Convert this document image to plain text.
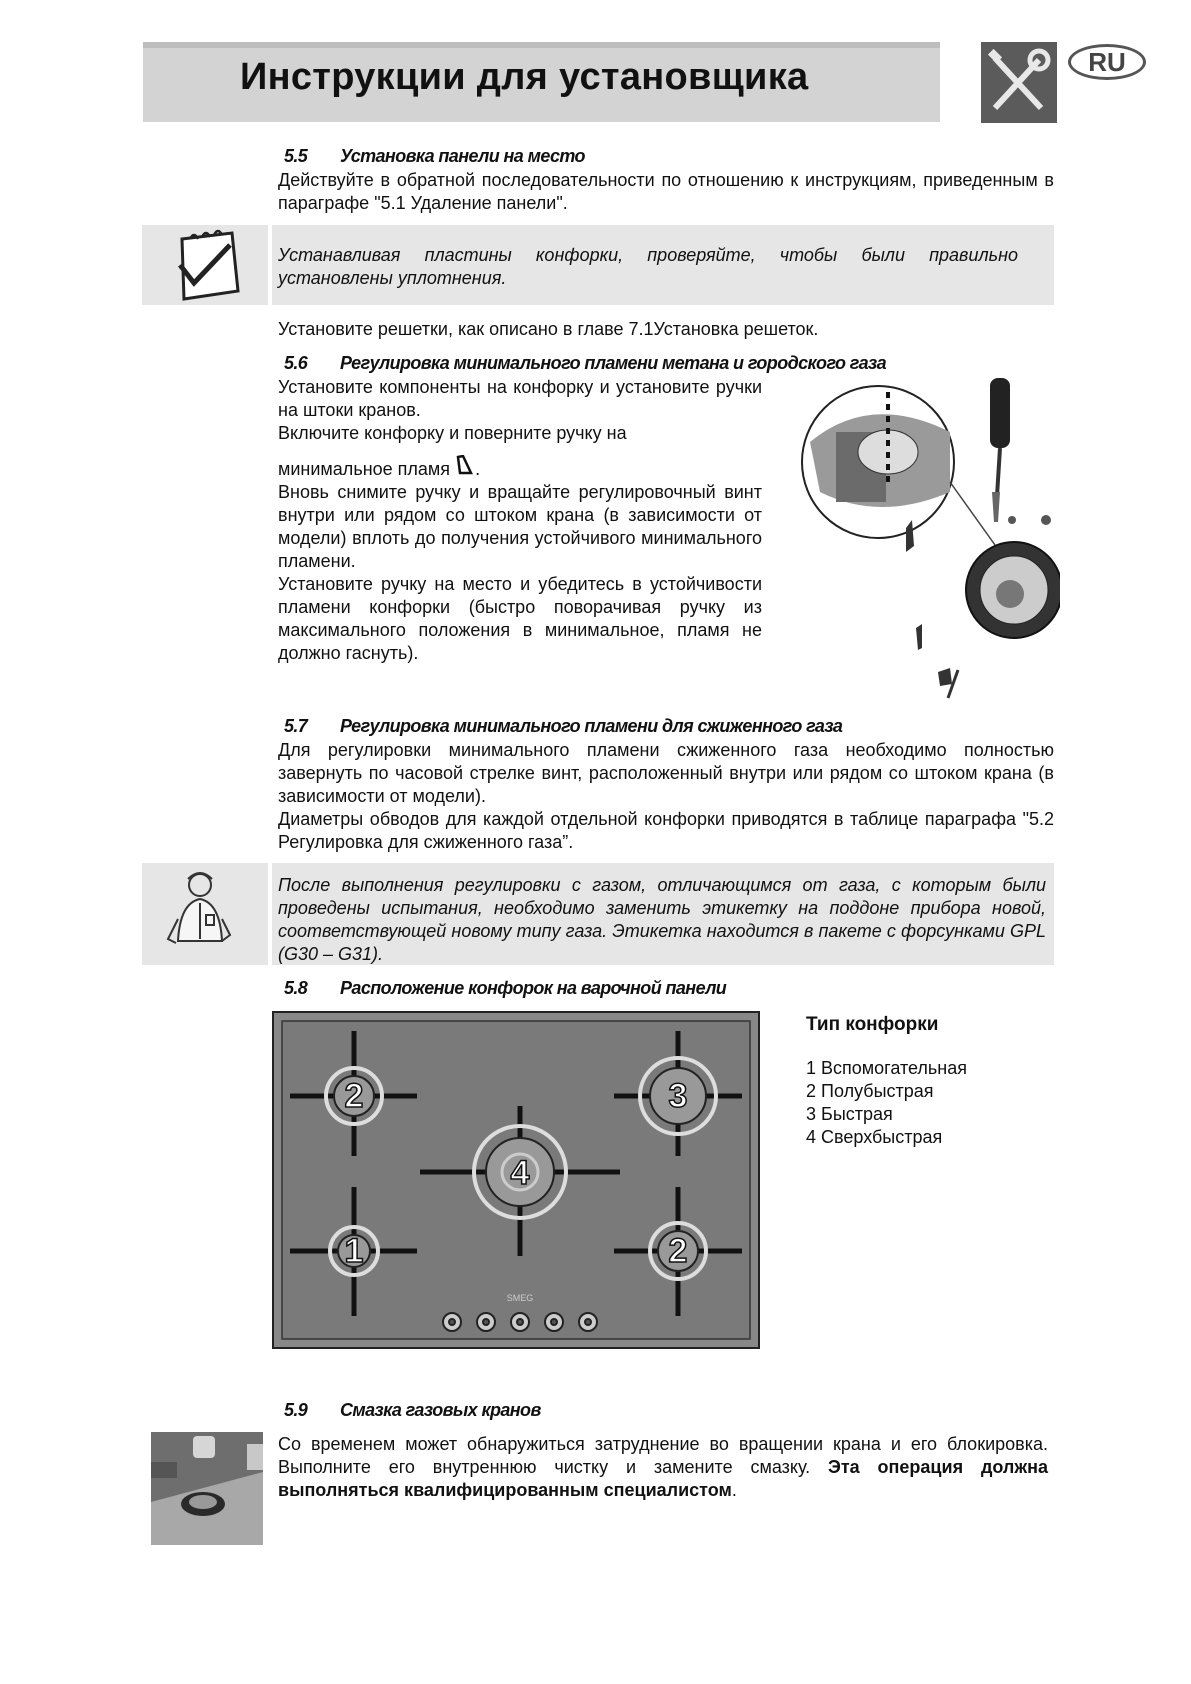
Инструкции для установщика	RU
5.5 Установка панели на место
Действуйте в обратной последовательности по отношению к инструкциям, приведенным в параграфе "5.1 Удаление панели".
Устанавливая пластины конфорки, проверяйте, чтобы были правильно установлены уплотнения.
Установите решетки, как описано в главе 7.1Установка решеток.
5.6 Регулировка минимального пламени метана и городского газа
Установите компоненты на конфорку и установите ручки на штоки кранов.
Включите конфорку и поверните ручку на
минимальное пламя .
Вновь снимите ручку и вращайте регулировочный винт внутри или рядом со штоком крана (в зависимости от модели) вплоть до получения устойчивого минимального пламени.
Установите ручку на место и убедитесь в устойчивости пламени конфорки (быстро поворачивая ручку из максимального положения в минимальное, пламя не должно гаснуть).
5.7 Регулировка минимального пламени для сжиженного газа
Для регулировки минимального пламени сжиженного газа необходимо полностью завернуть по часовой стрелке винт, расположенный внутри или рядом со штоком крана (в зависимости от модели).
Диаметры обводов для каждой отдельной конфорки приводятся в таблице параграфа "5.2 Регулировка для сжиженного газа”.
После выполнения регулировки с газом, отличающимся от газа, с которым были проведены испытания, необходимо заменить этикетку на поддоне прибора новой, соответствующей новому типу газа. Этикетка находится в пакете с форсунками GPL (G30 – G31).
5.8 Расположение конфорок на варочной панели
2	3
4
1	2
SMEG
Тип конфорки
1 Вспомогательная
2 Полубыстрая
3 Быстрая
4 Сверхбыстрая
5.9 Смазка газовых кранов
Со временем может обнаружиться затруднение во вращении крана и его блокировка. Выполните его внутреннюю чистку и замените смазку. Эта операция должна выполняться квалифицированным специалистом.
